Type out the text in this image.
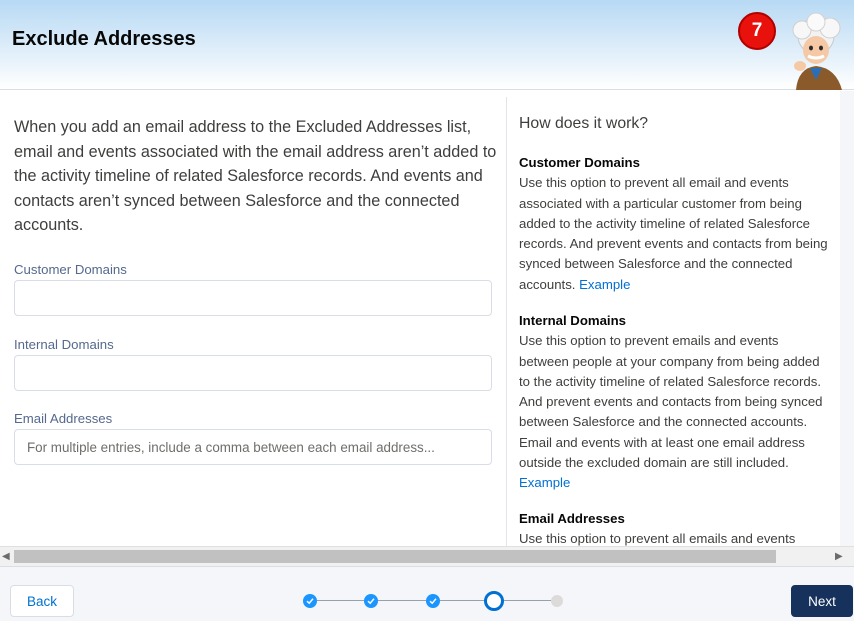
Exclude Addresses	7

When you add an email address to the Excluded Addresses list, email and events associated with the email address aren’t added to the activity timeline of related Salesforce records. And events and contacts aren’t synced between Salesforce and the connected accounts.

Customer Domains
Internal Domains
Email Addresses
For multiple entries, include a comma between each email address...
How does it work?
Customer Domains
Use this option to prevent all email and events associated with a particular customer from being added to the activity timeline of related Salesforce records. And prevent events and contacts from being synced between Salesforce and the connected accounts. Example
Internal Domains
Use this option to prevent emails and events between people at your company from being added to the activity timeline of related Salesforce records. And prevent events and contacts from being synced between Salesforce and the connected accounts. Email and events with at least one email address outside the excluded domain are still included. Example
Email Addresses
Use this option to prevent all emails and events
◀	▶
Back	Next
